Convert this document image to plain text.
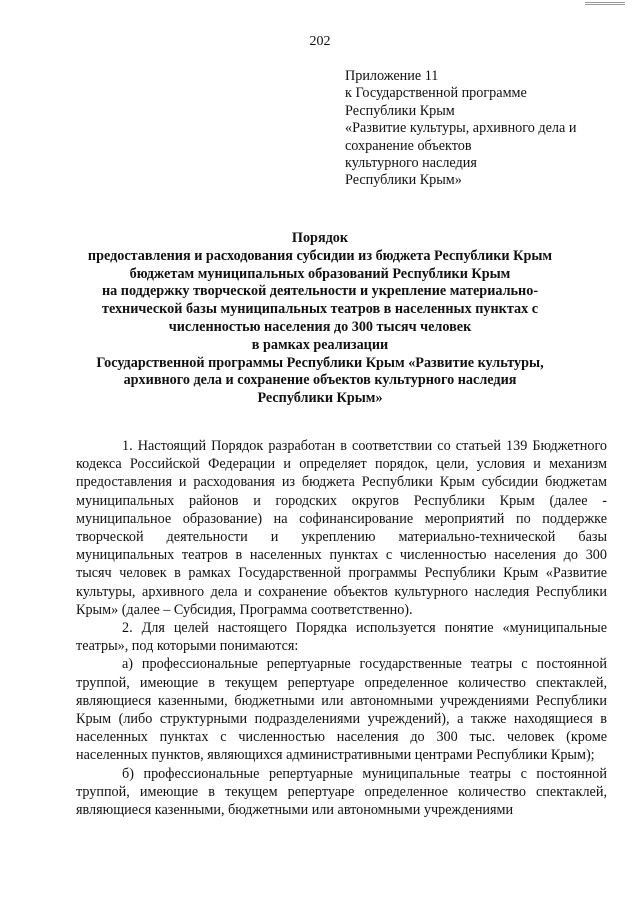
202
Приложение 11
к Государственной программе
Республики Крым
«Развитие культуры, архивного дела и
сохранение объектов
культурного наследия
Республики Крым»
Порядок
предоставления и расходования субсидии из бюджета Республики Крым
бюджетам муниципальных образований Республики Крым
на поддержку творческой деятельности и укрепление материально-
технической базы муниципальных театров в населенных пунктах с
численностью населения до 300 тысяч человек
в рамках реализации
Государственной программы Республики Крым «Развитие культуры,
архивного дела и сохранение объектов культурного наследия
Республики Крым»

1. Настоящий Порядок разработан в соответствии со статьей 139 Бюджетного кодекса Российской Федерации и определяет порядок, цели, условия и механизм предоставления и расходования из бюджета Республики Крым субсидии бюджетам муниципальных районов и городских округов Республики Крым (далее - муниципальное образование) на софинансирование мероприятий по поддержке творческой деятельности и укреплению материально-технической базы муниципальных театров в населенных пунктах с численностью населения до 300 тысяч человек в рамках Государственной программы Республики Крым «Развитие культуры, архивного дела и сохранение объектов культурного наследия Республики Крым» (далее – Субсидия, Программа соответственно).

2. Для целей настоящего Порядка используется понятие «муниципальные театры», под которыми понимаются:

а) профессиональные репертуарные государственные театры с постоянной труппой, имеющие в текущем репертуаре определенное количество спектаклей, являющиеся казенными, бюджетными или автономными учреждениями Республики Крым (либо структурными подразделениями учреждений), а также находящиеся в населенных пунктах с численностью населения до 300 тыс. человек (кроме населенных пунктов, являющихся административными центрами Республики Крым);

б) профессиональные репертуарные муниципальные театры с постоянной труппой, имеющие в текущем репертуаре определенное количество спектаклей, являющиеся казенными, бюджетными или автономными учреждениями
